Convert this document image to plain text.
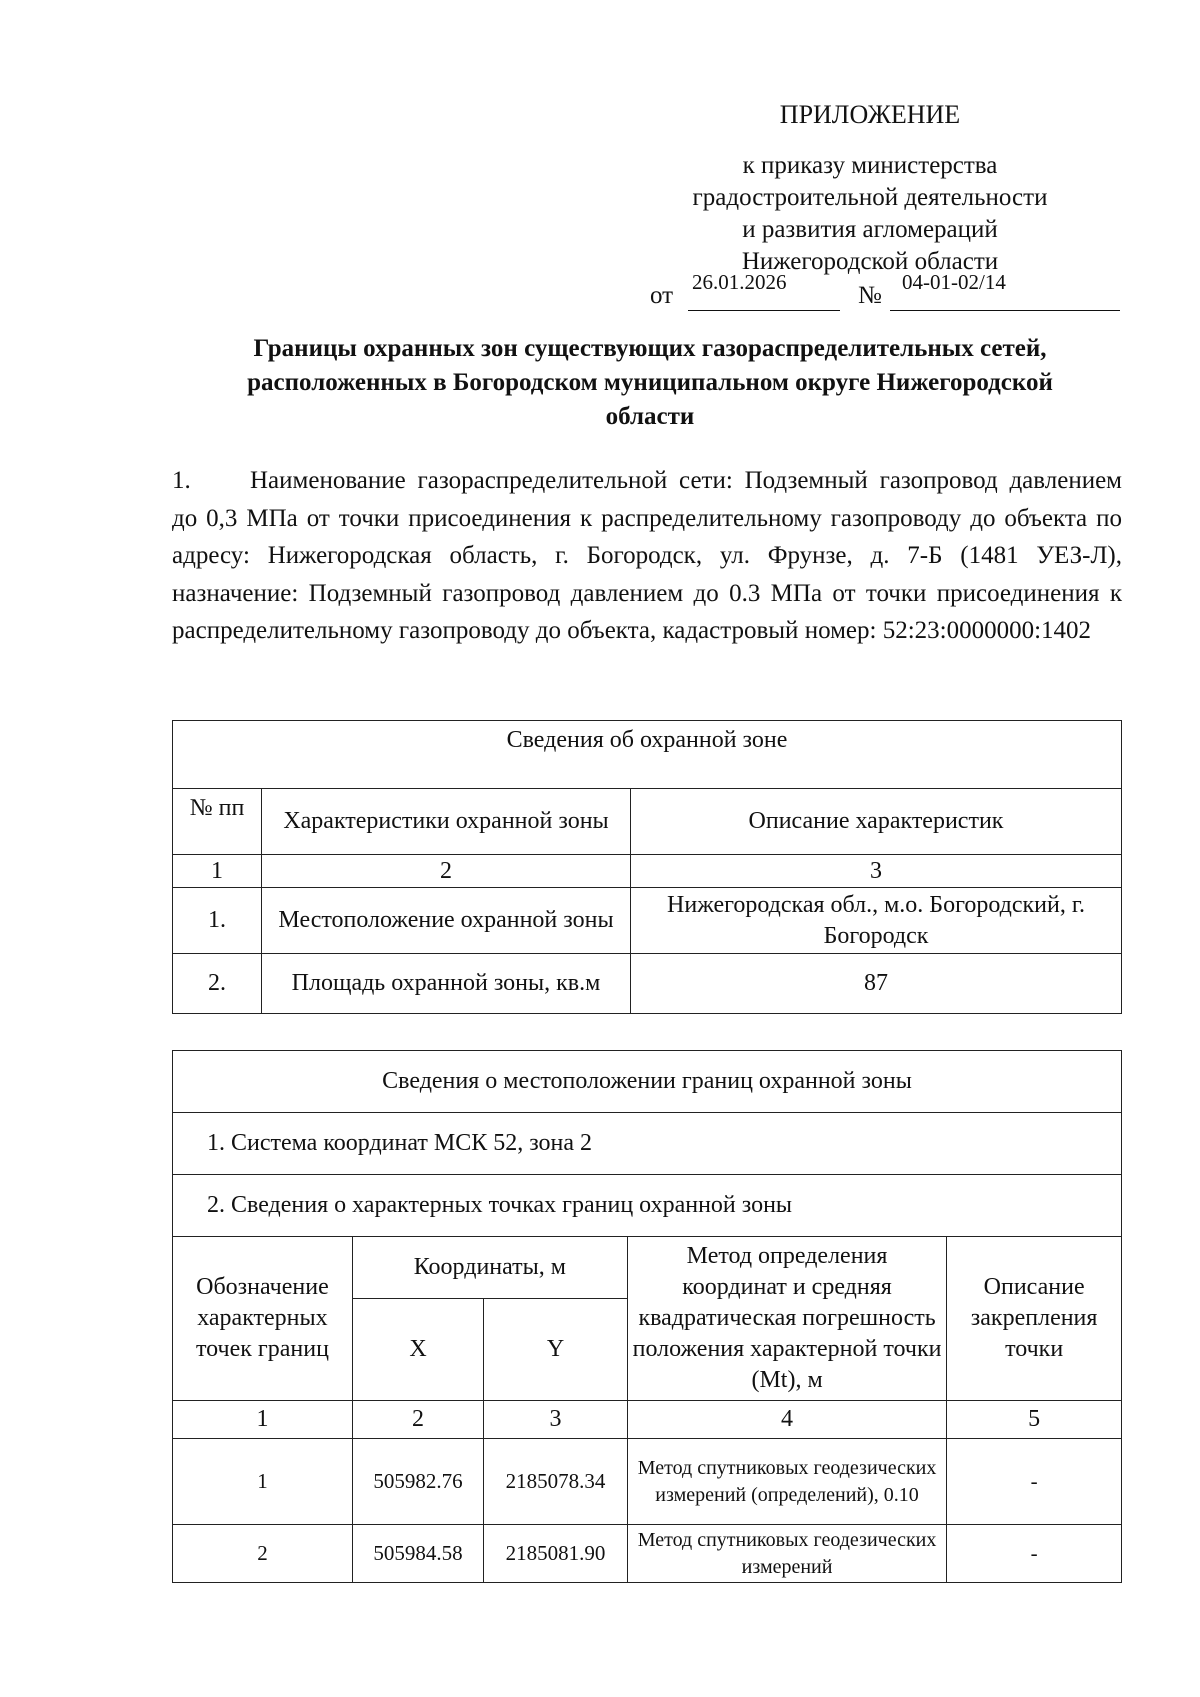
ПРИЛОЖЕНИЕ
к приказу министерства
градостроительной деятельности
и развития агломераций
Нижегородской области
от 26.01.2026	№ 04-01-02/14
Границы охранных зон существующих газораспределительных сетей,
расположенных в Богородском муниципальном округе Нижегородской
области
1. Наименование газораспределительной сети: Подземный газопровод давлением до 0,3 МПа от точки присоединения к распределительному газопроводу до объекта по адресу: Нижегородская область, г. Богородск, ул. Фрунзе, д. 7-Б (1481 УЕЗ-Л), назначение: Подземный газопровод давлением до 0.3 МПа от точки присоединения к распределительному газопроводу до объекта, кадастровый номер: 52:23:0000000:1402
Сведения об охранной зоне		
№ пп	Характеристики охранной зоны	Описание характеристик
1	2	3
1.	Местоположение охранной зоны	Нижегородская обл., м.о. Богородский, г. Богородск
2.	Площадь охранной зоны, кв.м	87
Сведения о местоположении границ охранной зоны				
1. Система координат МСК 52, зона 2				
2. Сведения о характерных точках границ охранной зоны				
Обозначение характерных точек границ	Координаты, м		Метод определения координат и средняя квадратическая погрешность положения характерной точки (Mt), м	Описание закрепления точки
	X	Y		
1	2	3	4	5
1	505982.76	2185078.34	Метод спутниковых геодезических измерений (определений), 0.10	-
2	505984.58	2185081.90	Метод спутниковых геодезических измерений	-
